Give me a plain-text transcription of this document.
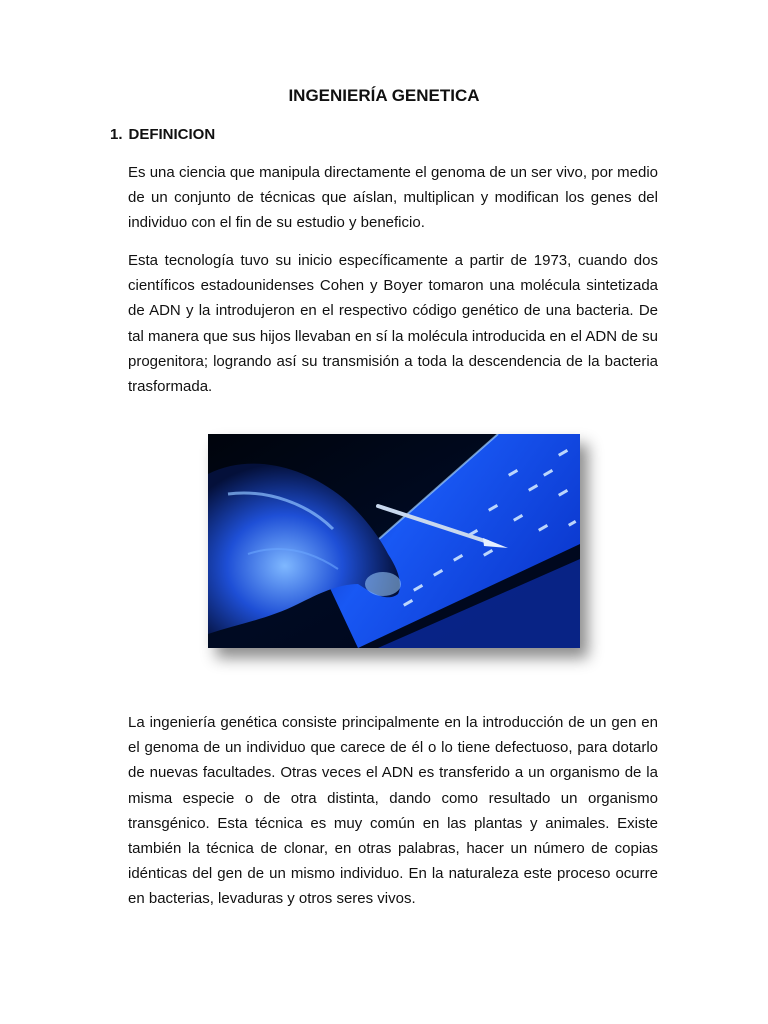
INGENIERÍA GENETICA
1. DEFINICION

Es una ciencia que manipula directamente el genoma de un ser vivo, por medio de un conjunto de técnicas que aíslan, multiplican y modifican los genes del individuo con el fin de su estudio y beneficio.

Esta tecnología tuvo su inicio específicamente a partir de 1973, cuando dos científicos estadounidenses Cohen y Boyer tomaron una molécula sintetizada de ADN y la introdujeron en el respectivo código genético de una bacteria. De tal manera que sus hijos llevaban en sí la molécula introducida en el ADN de su progenitora; logrando así su transmisión a toda la descendencia de la bacteria trasformada.

La ingeniería genética consiste principalmente en la introducción de un gen en el genoma de un individuo que carece de él o lo tiene defectuoso, para dotarlo de nuevas facultades. Otras veces el ADN es transferido a un organismo de la misma especie o de otra distinta, dando como resultado un organismo transgénico. Esta técnica es muy común en las plantas y animales. Existe también la técnica de clonar, en otras palabras, hacer un número de copias idénticas del gen de un mismo individuo. En la naturaleza este proceso ocurre en bacterias, levaduras y otros seres vivos.
